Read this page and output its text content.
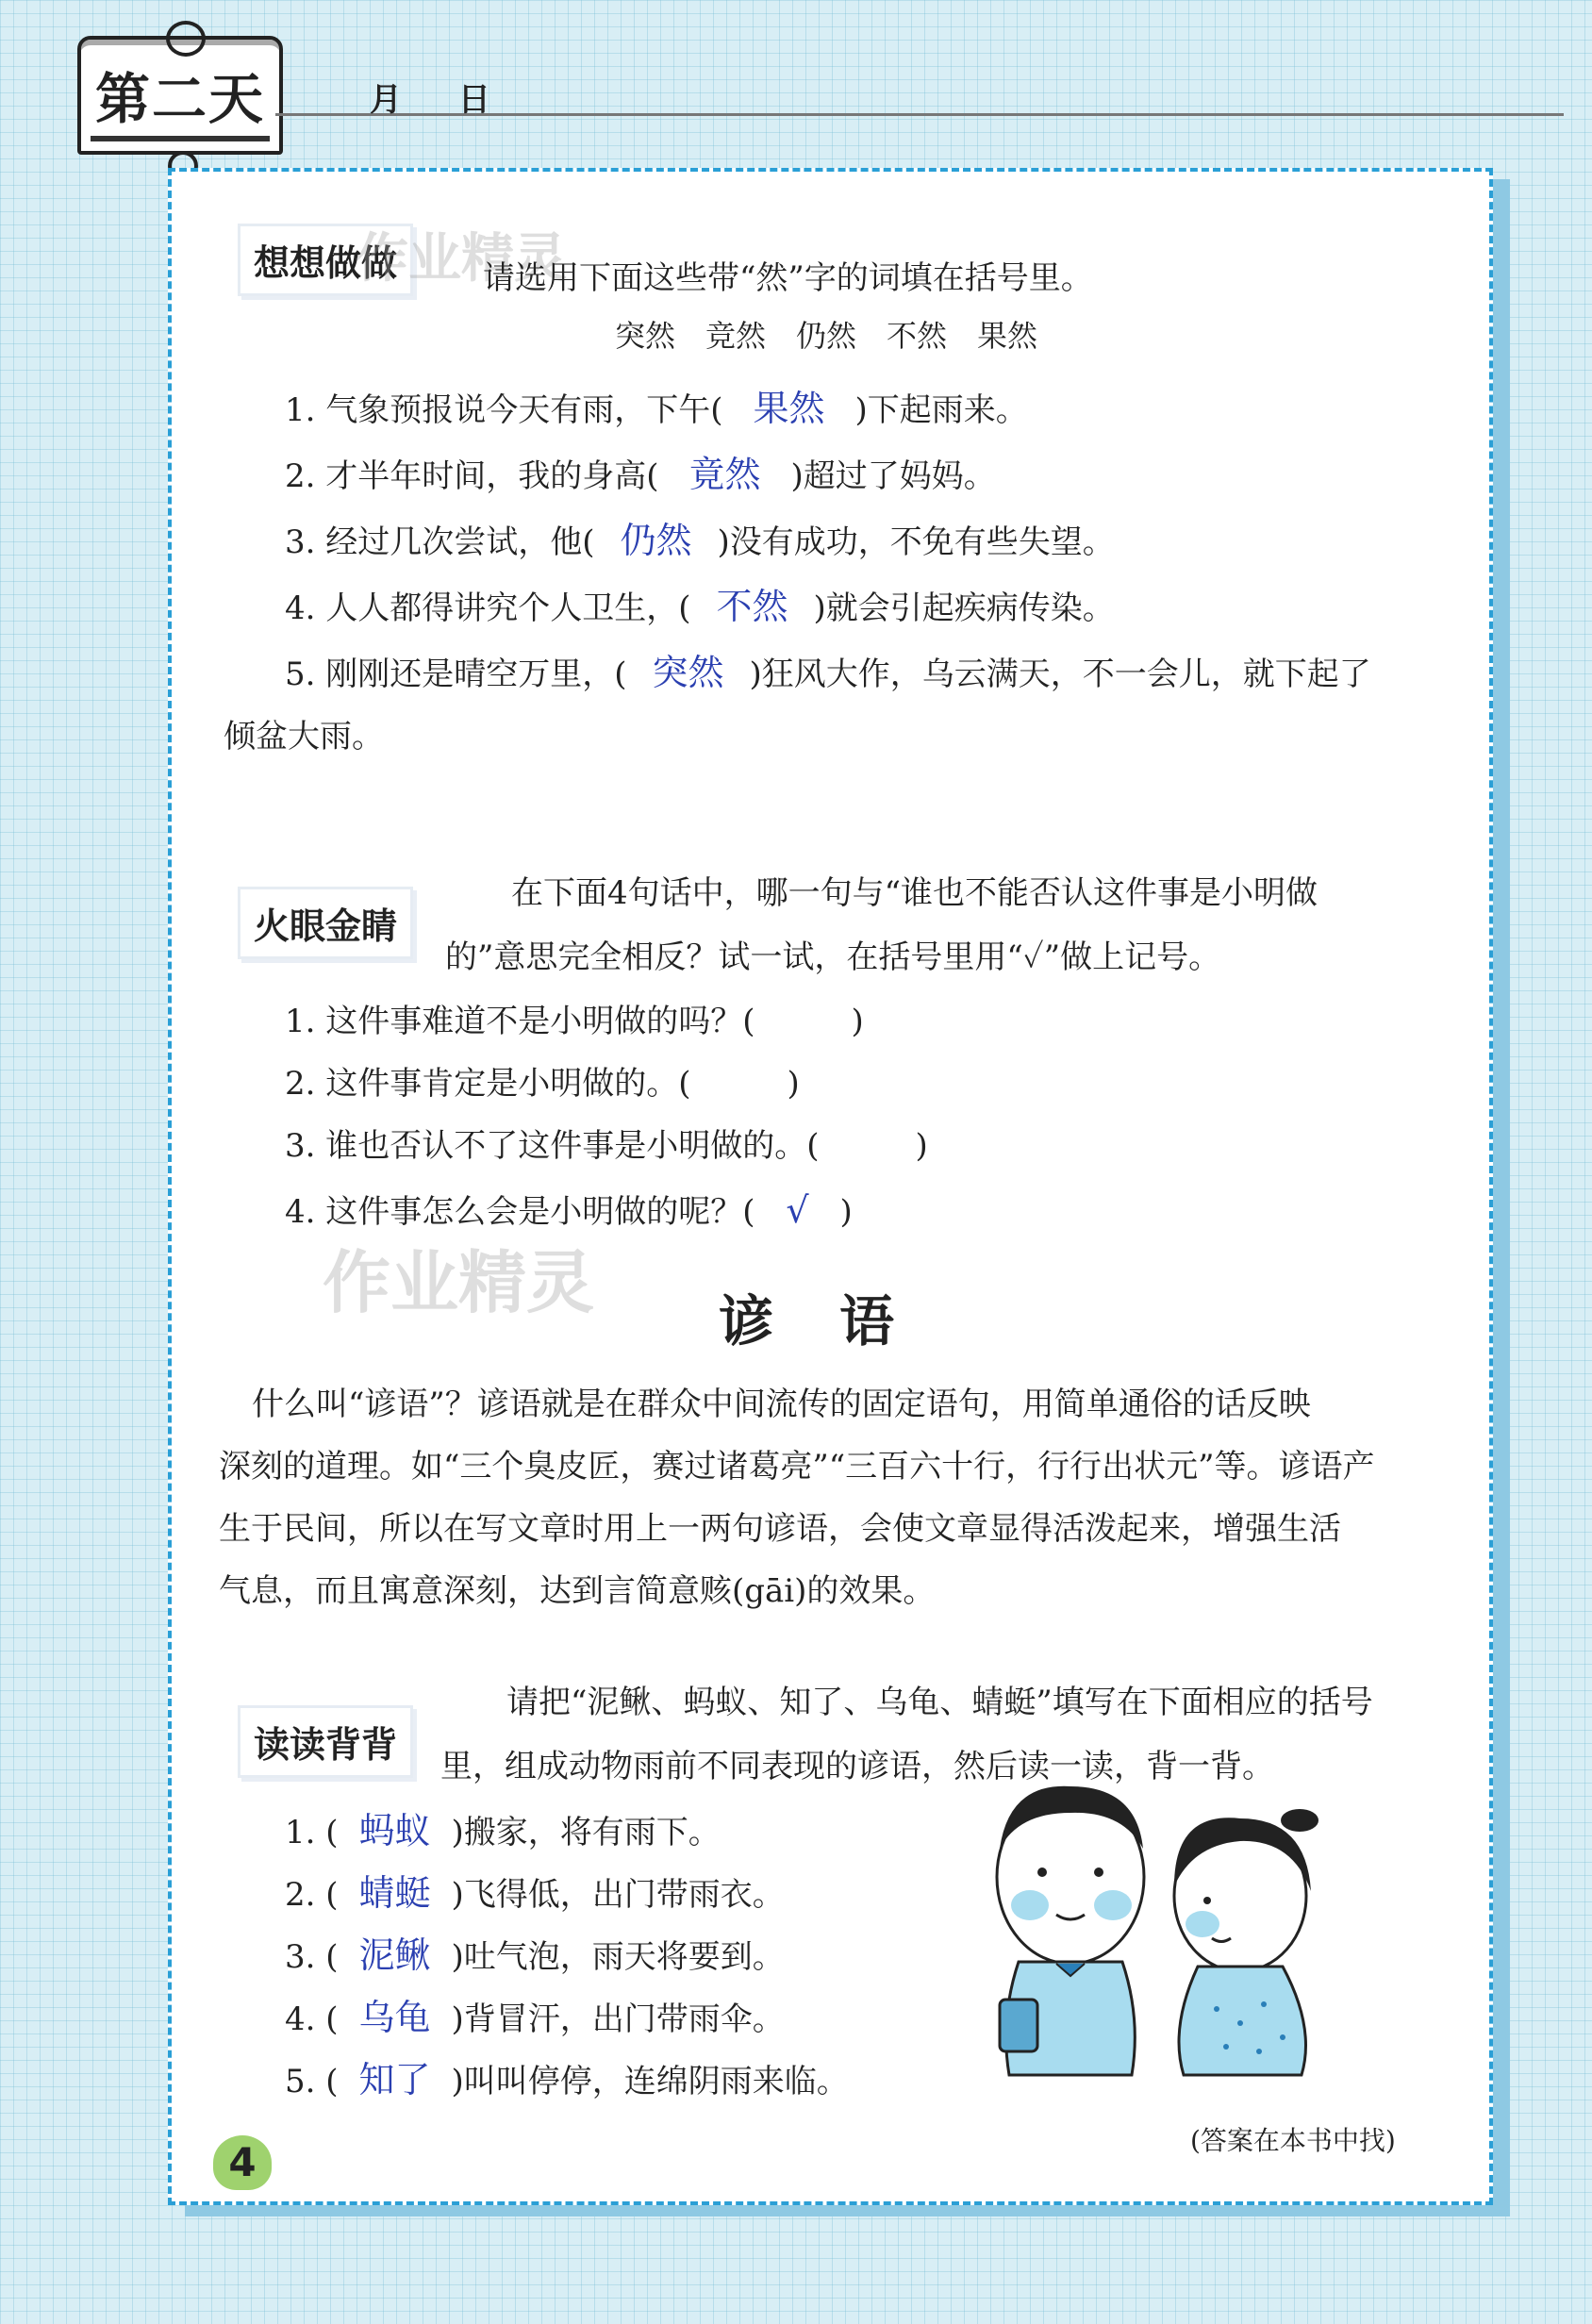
第二天	月 日
想想做做
作业精灵
请选用下面这些带“然”字的词填在括号里。
突然　竞然　仍然　不然　果然
1. 气象预报说今天有雨，下午( 果然 )下起雨来。
2. 才半年时间，我的身高( 竟然 )超过了妈妈。
3. 经过几次尝试，他( 仍然 )没有成功，不免有些失望。
4. 人人都得讲究个人卫生，( 不然 )就会引起疾病传染。
5. 刚刚还是晴空万里，( 突然 )狂风大作，乌云满天，不一会儿，就下起了
倾盆大雨。
火眼金睛
在下面4句话中，哪一句与“谁也不能否认这件事是小明做
的”意思完全相反？试一试，在括号里用“✓”做上记号。
1. 这件事难道不是小明做的吗？(　　　)
2. 这件事肯定是小明做的。(　　　)
3. 谁也否认不了这件事是小明做的。(　　　)
4. 这件事怎么会是小明做的呢？( √ )
作业精灵 谚语
什么叫“谚语”？谚语就是在群众中间流传的固定语句，用简单通俗的话反映
深刻的道理。如“三个臭皮匠，赛过诸葛亮”“三百六十行，行行出状元”等。谚语产
生于民间，所以在写文章时用上一两句谚语，会使文章显得活泼起来，增强生活
气息，而且寓意深刻，达到言简意赅(gāi)的效果。
读读背背
请把“泥鳅、蚂蚁、知了、乌龟、蜻蜓”填写在下面相应的括号
里，组成动物雨前不同表现的谚语，然后读一读，背一背。
1. ( 蚂蚁 )搬家，将有雨下。
2. ( 蜻蜓 )飞得低，出门带雨衣。
3. ( 泥鳅 )吐气泡，雨天将要到。
4. ( 乌龟 )背冒汗，出门带雨伞。
5. ( 知了 )叫叫停停，连绵阴雨来临。
(答案在本书中找)
4
